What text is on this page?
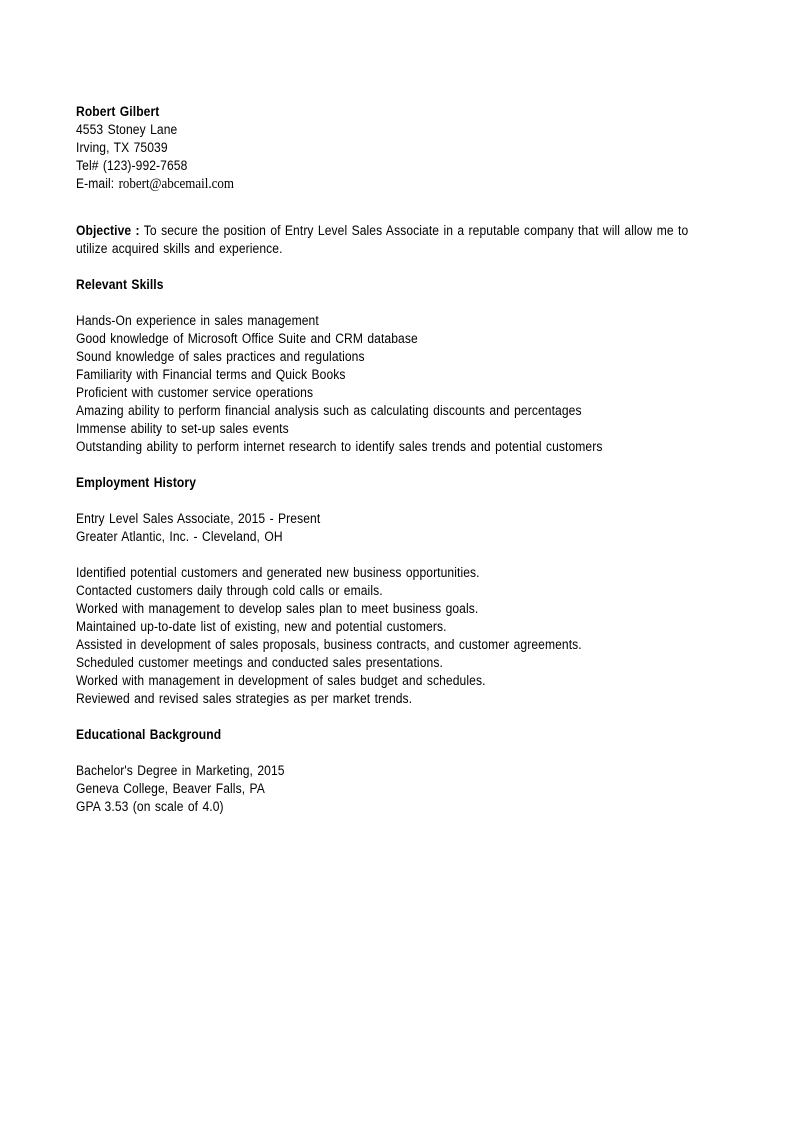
Robert Gilbert
4553 Stoney Lane
Irving, TX 75039
Tel# (123)-992-7658
E-mail: robert@abcemail.com

Objective : To secure the position of Entry Level Sales Associate in a reputable company that will allow me to utilize acquired skills and experience.

Relevant Skills
Hands-On experience in sales management
Good knowledge of Microsoft Office Suite and CRM database
Sound knowledge of sales practices and regulations
Familiarity with Financial terms and Quick Books
Proficient with customer service operations
Amazing ability to perform financial analysis such as calculating discounts and percentages
Immense ability to set-up sales events
Outstanding ability to perform internet research to identify sales trends and potential customers
Employment History
Entry Level Sales Associate, 2015 - Present
Greater Atlantic, Inc. - Cleveland, OH
Identified potential customers and generated new business opportunities.
Contacted customers daily through cold calls or emails.
Worked with management to develop sales plan to meet business goals.
Maintained up-to-date list of existing, new and potential customers.
Assisted in development of sales proposals, business contracts, and customer agreements.
Scheduled customer meetings and conducted sales presentations.
Worked with management in development of sales budget and schedules.
Reviewed and revised sales strategies as per market trends.
Educational Background
Bachelor's Degree in Marketing, 2015
Geneva College, Beaver Falls, PA
GPA 3.53 (on scale of 4.0)
